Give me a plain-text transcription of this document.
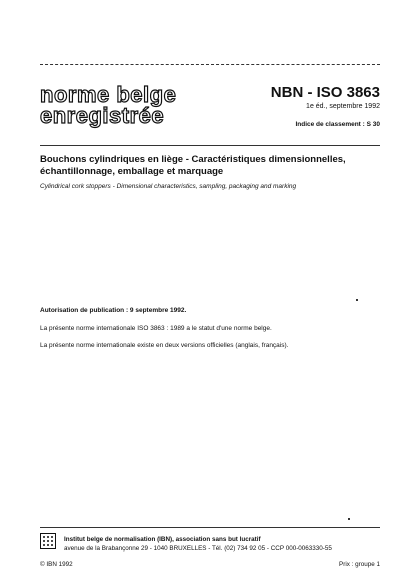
norme belge
enregistrée
NBN - ISO 3863
1e éd., septembre 1992
Indice de classement : S 30
Bouchons cylindriques en liège - Caractéristiques dimensionnelles, échantillonnage, emballage et marquage
Cylindrical cork stoppers - Dimensional characteristics, sampling, packaging and marking
Autorisation de publication : 9 septembre 1992.
La présente norme internationale ISO 3863 : 1989 a le statut d'une norme belge.
La présente norme internationale existe en deux versions officielles (anglais, français).
Institut belge de normalisation (IBN), association sans but lucratif
avenue de la Brabançonne 29 - 1040 BRUXELLES - Tél. (02) 734 92 05 - CCP 000-0063330-55
© IBN 1992	Prix : groupe 1
